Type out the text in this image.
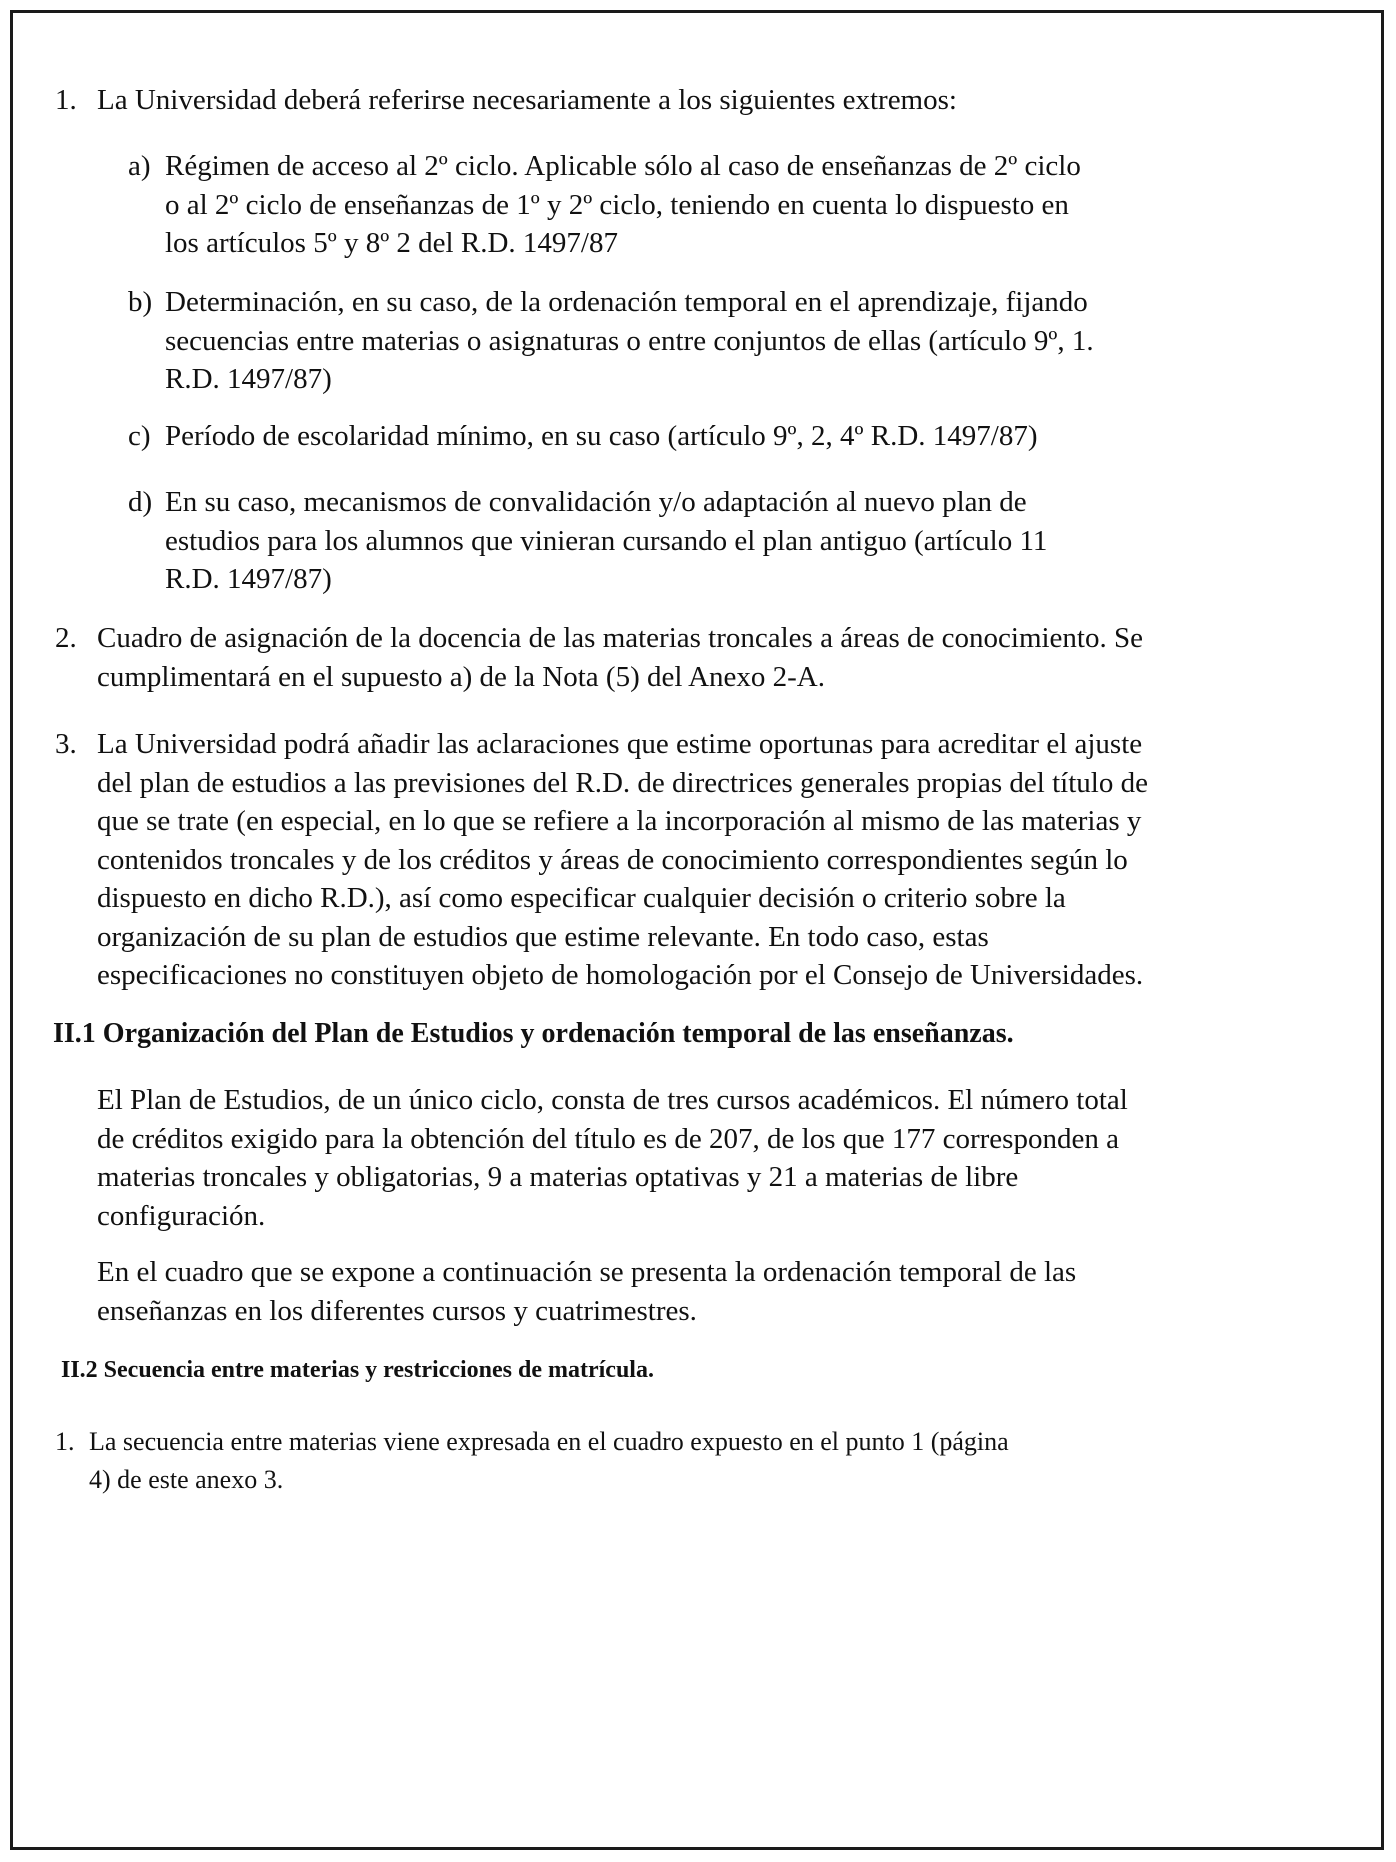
1. La Universidad deberá referirse necesariamente a los siguientes extremos:
a) Régimen de acceso al 2º ciclo. Aplicable sólo al caso de enseñanzas de 2º ciclo
o al 2º ciclo de enseñanzas de 1º y 2º ciclo, teniendo en cuenta lo dispuesto en
los artículos 5º y 8º 2 del R.D. 1497/87
b) Determinación, en su caso, de la ordenación temporal en el aprendizaje, fijando
secuencias entre materias o asignaturas o entre conjuntos de ellas (artículo 9º, 1.
R.D. 1497/87)
c) Período de escolaridad mínimo, en su caso (artículo 9º, 2, 4º R.D. 1497/87)
d) En su caso, mecanismos de convalidación y/o adaptación al nuevo plan de
estudios para los alumnos que vinieran cursando el plan antiguo (artículo 11
R.D. 1497/87)
2. Cuadro de asignación de la docencia de las materias troncales a áreas de conocimiento. Se
cumplimentará en el supuesto a) de la Nota (5) del Anexo 2-A.
3. La Universidad podrá añadir las aclaraciones que estime oportunas para acreditar el ajuste
del plan de estudios a las previsiones del R.D. de directrices generales propias del título de
que se trate (en especial, en lo que se refiere a la incorporación al mismo de las materias y
contenidos troncales y de los créditos y áreas de conocimiento correspondientes según lo
dispuesto en dicho R.D.), así como especificar cualquier decisión o criterio sobre la
organización de su plan de estudios que estime relevante. En todo caso, estas
especificaciones no constituyen objeto de homologación por el Consejo de Universidades.
II.1 Organización del Plan de Estudios y ordenación temporal de las enseñanzas.
El Plan de Estudios, de un único ciclo, consta de tres cursos académicos. El número total
de créditos exigido para la obtención del título es de 207, de los que 177 corresponden a
materias troncales y obligatorias, 9 a materias optativas y 21 a materias de libre
configuración.
En el cuadro que se expone a continuación se presenta la ordenación temporal de las
enseñanzas en los diferentes cursos y cuatrimestres.
II.2 Secuencia entre materias y restricciones de matrícula.
1. La secuencia entre materias viene expresada en el cuadro expuesto en el punto 1 (página
4) de este anexo 3.
